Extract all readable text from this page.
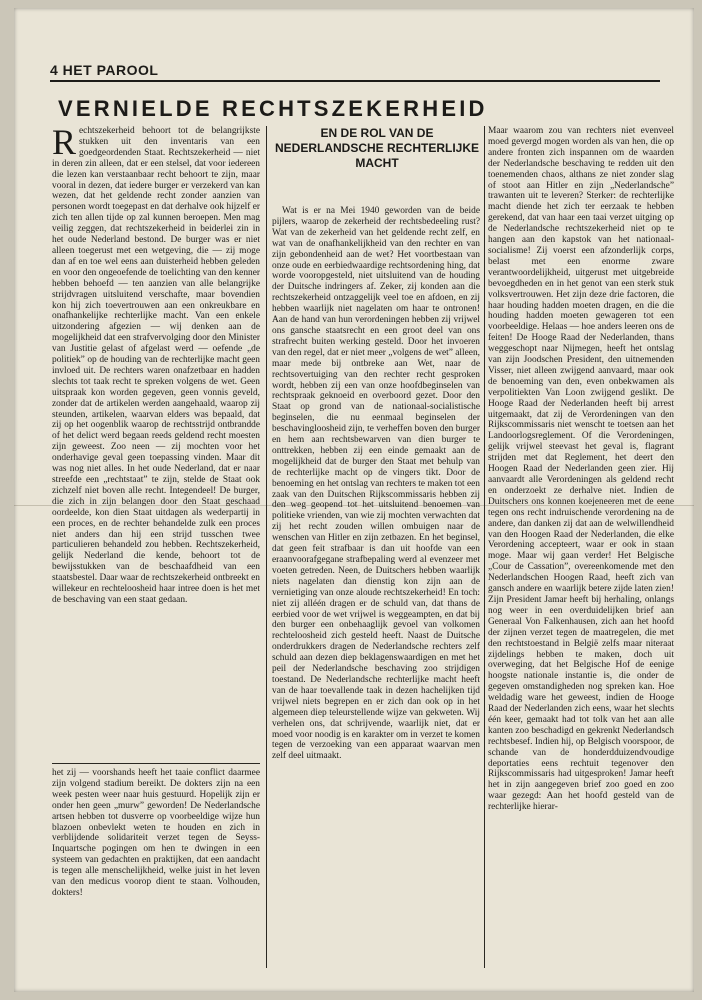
4 HET PAROOL
VERNIELDE RECHTSZEKERHEID
EN DE ROL VAN DE NEDERLANDSCHE RECHTERLIJKE MACHT

Rechtszekerheid behoort tot de belangrijkste stukken uit den inventaris van een goedgeordenden Staat. Rechtszekerheid — niet in deren zin alleen, dat er een stelsel, dat voor iedereen die lezen kan verstaanbaar recht behoort te zijn, maar vooral in dezen, dat iedere burger er verzekerd van kan wezen, dat het geldende recht zonder aanzien van personen wordt toegepast en dat derhalve ook hijzelf er zich ten allen tijde op zal kunnen beroepen. Men mag veilig zeggen, dat rechtszekerheid in beiderlei zin in het oude Nederland bestond. De burger was er niet alleen toegerust met een wetgeving, die — zij moge dan af en toe wel eens aan duisterheid hebben geleden en voor den ongeoefende de toelichting van den kenner hebben behoefd — ten aanzien van alle belangrijke strijdvragen uitsluitend verschafte, maar bovendien kon hij zich toevertrouwen aan een onkreukbare en onafhankelijke rechterlijke macht. Van een enkele uitzondering afgezien — wij denken aan de mogelijkheid dat een strafvervolging door den Minister van Justitie gelast of afgelast werd — oefende „de politiek” op de houding van de rechterlijke macht geen invloed uit. De rechters waren onafzetbaar en hadden slechts tot taak recht te spreken volgens de wet. Geen uitspraak kon worden gegeven, geen vonnis geveld, zonder dat de artikelen werden aangehaald, waarop zij steunden, artikelen, waarvan elders was bepaald, dat zij op het oogenblik waarop de rechtsstrijd ontbrandde of het delict werd begaan reeds geldend recht moesten zijn geweest. Zoo neen — zij mochten voor het onderhavige geval geen toepassing vinden. Maar dit was nog niet alles. In het oude Nederland, dat er naar streefde een „rechtstaat” te zijn, stelde de Staat ook zichzelf niet boven alle recht. Integendeel! De burger, die zich in zijn belangen door den Staat geschaad oordeelde, kon dien Staat uitdagen als wederpartij in een proces, en de rechter behandelde zulk een proces niet anders dan hij een strijd tusschen twee particulieren behandeld zou hebben. Rechtszekerheid, gelijk Nederland die kende, behoort tot de bewijsstukken van de beschaafdheid van een staatsbestel. Daar waar de rechtszekerheid ontbreekt en willekeur en rechteloosheid haar intree doen is het met de beschaving van een staat gedaan.

het zij — voorshands heeft het taaie conflict daarmee zijn volgend stadium bereikt. De dokters zijn na een week pesten weer naar huis gestuurd. Hopelijk zijn er onder hen geen „murw” geworden! De Nederlandsche artsen hebben tot dusverre op voorbeeldige wijze hun blazoen onbevlekt weten te houden en zich in verblijdende solidariteit verzet tegen de Seyss-Inquartsche pogingen om hen te dwingen in een systeem van gedachten en praktijken, dat een aandacht is tegen alle menschelijkheid, welke juist in het leven van den medicus voorop dient te staan. Volhouden, dokters!

Wat is er na Mei 1940 geworden van de beide pijlers, waarop de zekerheid der rechtsbedeeling rust? Wat van de zekerheid van het geldende recht zelf, en wat van de onafhankelijkheid van den rechter en van zijn gebondenheid aan de wet? Het voortbestaan van onze oude en eerbiedwaardige rechtsordening hing, dat worde vooropgesteld, niet uitsluitend van de houding der Duitsche indringers af. Zeker, zij konden aan die rechtszekerheid ontzaggelijk veel toe en afdoen, en zij hebben waarlijk niet nagelaten om haar te ontronen! Aan de hand van hun verordeningen hebben zij vrijwel ons gansche staatsrecht en een groot deel van ons strafrecht buiten werking gesteld. Door het invoeren van den regel, dat er niet meer „volgens de wet” alleen, maar mede bij ontbreke aan Wet, naar de rechtsovertuiging van den rechter recht gesproken wordt, hebben zij een van onze hoofdbeginselen van rechtspraak geknoeid en overboord gezet. Door den Staat op grond van de nationaal-socialistische beginselen, die nu eenmaal beginselen der beschavingloosheid zijn, te verheffen boven den burger en hem aan rechtsbewarven van dien burger te onttrekken, hebben zij een einde gemaakt aan de mogelijkheid dat de burger den Staat met behulp van de rechterlijke macht op de vingers tikt. Door de benoeming en het ontslag van rechters te maken tot een zaak van den Duitschen Rijkscommissaris hebben zij den weg geopend tot het uitsluitend benoemen van politieke vrienden, van wie zij mochten verwachten dat zij het recht zouden willen ombuigen naar de wenschen van Hitler en zijn zetbazen. En het beginsel, dat geen feit strafbaar is dan uit hoofde van een eraanvoorafgegane strafbepaling werd al evenzeer met voeten getreden. Neen, de Duitschers hebben waarlijk niets nagelaten dan dienstig kon zijn aan de vernietiging van onze aloude rechtszekerheid! En toch: niet zij alléén dragen er de schuld van, dat thans de eerbied voor de wet vrijwel is weggeampten, en dat bij den burger een onbehaaglijk gevoel van volkomen rechteloosheid zich gesteld heeft. Naast de Duitsche onderdrukkers dragen de Nederlandsche rechters zelf schuld aan dezen diep beklagenswaardigen en met het peil der Nederlandsche beschaving zoo strijdigen toestand. De Nederlandsche rechterlijke macht heeft van de haar toevallende taak in dezen hachelijken tijd vrijwel niets begrepen en er zich dan ook op in het algemeen diep teleurstellende wijze van gekweten. Wij verhelen ons, dat schrijvende, waarlijk niet, dat er moed voor noodig is en karakter om in verzet te komen tegen de verzoeking van een apparaat waarvan men zelf deel uitmaakt.

Maar waarom zou van rechters niet evenveel moed gevergd mogen worden als van hen, die op andere fronten zich inspannen om de waarden der Nederlandsche beschaving te redden uit den toenemenden chaos, althans ze niet zonder slag of stoot aan Hitler en zijn „Nederlandsche” trawanten uit te leveren? Sterker: de rechterlijke macht diende het zich ter eerzaak te hebben gerekend, dat van haar een taai verzet uitging op de Nederlandsche rechtszekerheid niet op te hangen aan den kapstok van het nationaal-socialisme! Zij voerst een afzonderlijk corps, belast met een enorme zware verantwoordelijkheid, uitgerust met uitgebreide bevoegdheden en in het genot van een sterk stuk volksvertrouwen. Het zijn deze drie factoren, die haar houding hadden moeten dragen, en die die houding hadden moeten gewageren tot een voorbeeldige. Helaas — hoe anders leeren ons de feiten! De Hooge Raad der Nederlanden, thans weggeschopt naar Nijmegen, heeft het ontslag van zijn Joodschen President, den uitnemenden Visser, niet alleen zwijgend aanvaard, maar ook de benoeming van den, even onbekwamen als verpolitiekten Van Loon zwijgend geslikt. De Hooge Raad der Nederlanden heeft bij arrest uitgemaakt, dat zij de Verordeningen van den Rijkscommissaris niet wenscht te toetsen aan het Landoorlogsreglement. Of die Verordeningen, gelijk vrijwel steevast het geval is, flagrant strijden met dat Reglement, het deert den Hoogen Raad der Nederlanden geen zier. Hij aanvaardt alle Verordeningen als geldend recht en onderzoekt ze derhalve niet. Indien de Duitschers ons konnen koejeneeren met de eene tegen ons recht indruischende verordening na de andere, dan danken zij dat aan de welwillendheid van den Hoogen Raad der Nederlanden, die elke Verordening accepteert, waar er ook in staan moge. Maar wij gaan verder! Het Belgische „Cour de Cassation”, overeenkomende met den Nederlandschen Hoogen Raad, heeft zich van gansch andere en waarlijk betere zijde laten zien! Zijn President Jamar heeft bij herhaling, onlangs nog weer in een overduidelijken brief aan Generaal Von Falkenhausen, zich aan het hoofd der zijnen verzet tegen de maatregelen, die met den rechtstoestand in België zelfs maar niteraat zijdelings hebben te maken, doch uit overweging, dat het Belgische Hof de eenige hoogste nationale instantie is, die onder de gegeven omstandigheden nog spreken kan. Hoe weldadig ware het geweest, indien de Hooge Raad der Nederlanden zich eens, waar het slechts één keer, gemaakt had tot tolk van het aan alle kanten zoo beschadigd en gekrenkt Nederlandsch rechtsbesef. Indien hij, op Belgisch voorspoor, de schande van de honderdduizendvoudige deportaties eens rechtuit tegenover den Rijkscommissaris had uitgesproken! Jamar heeft het in zijn aangegeven brief zoo goed en zoo waar gezegd: Aan het hoofd gesteld van de rechterlijke hierar-
